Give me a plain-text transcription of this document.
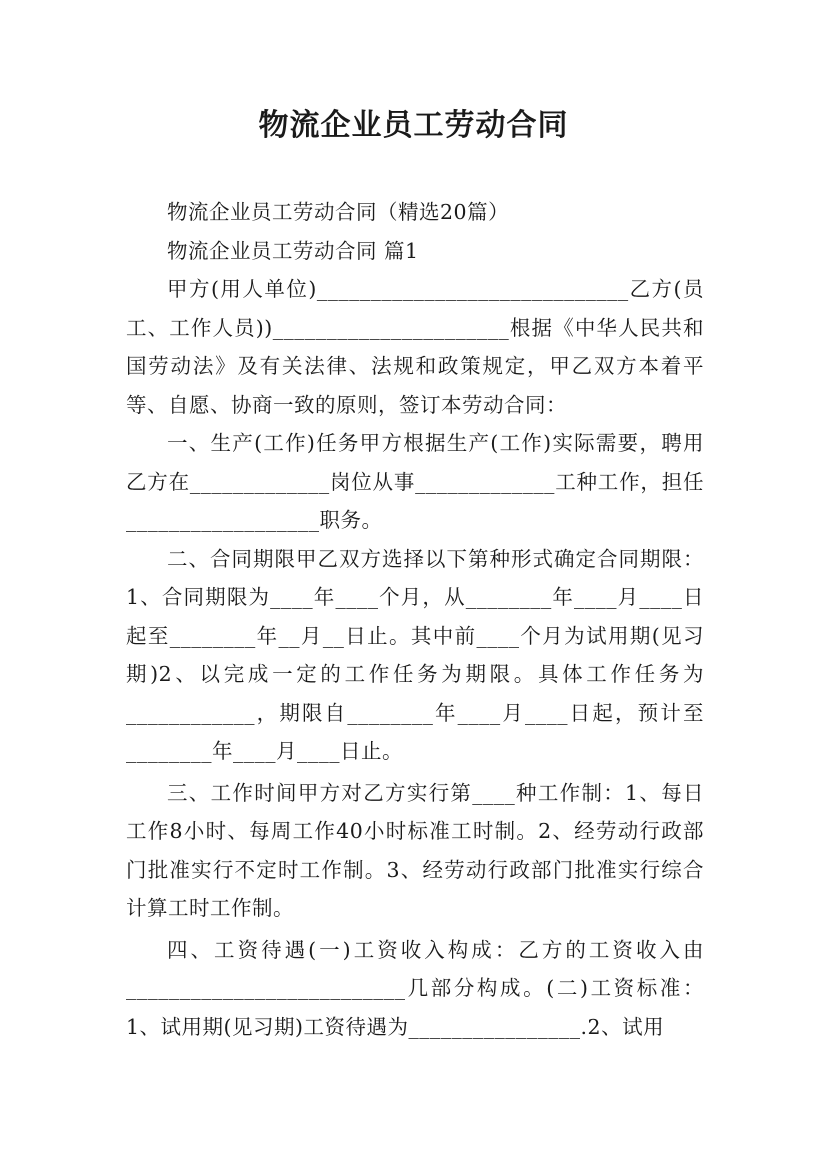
物流企业员工劳动合同

物流企业员工劳动合同（精选20篇）

物流企业员工劳动合同 篇1

甲方(用人单位)_____________________________乙方(员工、工作人员))______________________根据《中华人民共和国劳动法》及有关法律、法规和政策规定，甲乙双方本着平等、自愿、协商一致的原则，签订本劳动合同：

一、生产(工作)任务甲方根据生产(工作)实际需要，聘用乙方在_____________岗位从事_____________工种工作，担任__________________职务。

二、合同期限甲乙双方选择以下第种形式确定合同期限：1、合同期限为____年____个月，从________年____月____日起至________年__月__日止。其中前____个月为试用期(见习期)2、以完成一定的工作任务为期限。具体工作任务为____________，期限自________年____月____日起，预计至________年____月____日止。

三、工作时间甲方对乙方实行第____种工作制：1、每日工作8小时、每周工作40小时标准工时制。2、经劳动行政部门批准实行不定时工作制。3、经劳动行政部门批准实行综合计算工时工作制。

四、工资待遇(一)工资收入构成：乙方的工资收入由__________________________几部分构成。(二)工资标准：1、试用期(见习期)工资待遇为________________.2、试用
